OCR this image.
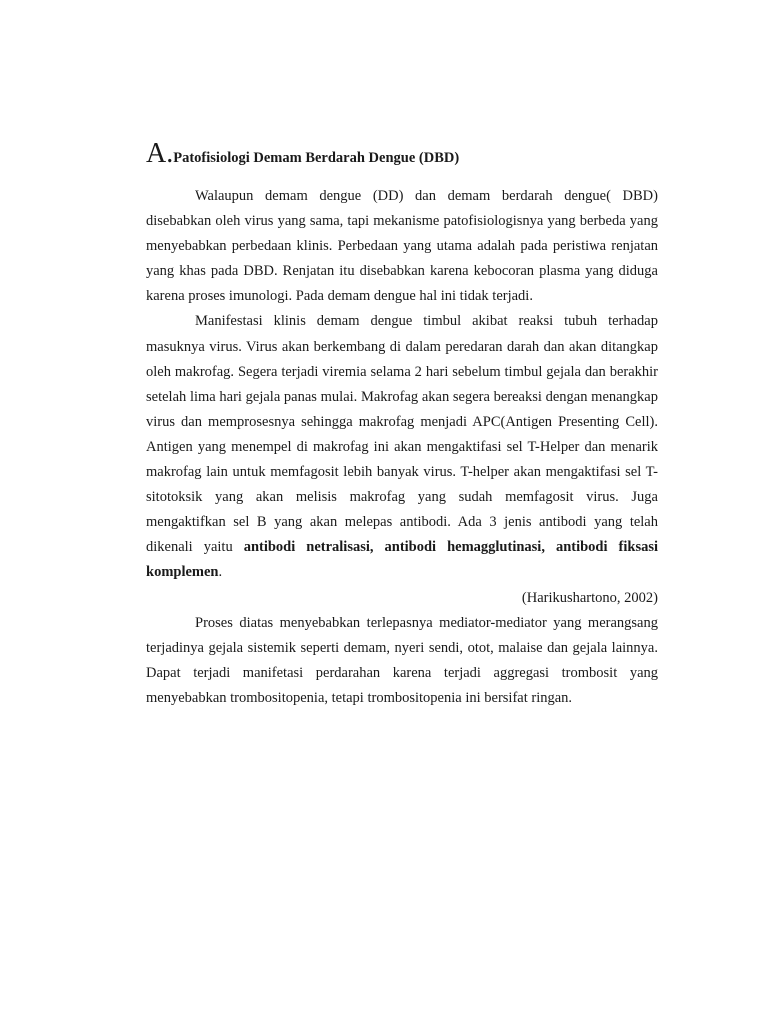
A.Patofisiologi Demam Berdarah Dengue (DBD)

Walaupun demam dengue (DD) dan demam berdarah dengue( DBD) disebabkan oleh virus yang sama, tapi mekanisme patofisiologisnya yang berbeda yang menyebabkan perbedaan klinis. Perbedaan yang utama adalah pada peristiwa renjatan yang khas pada DBD. Renjatan itu disebabkan karena kebocoran plasma yang diduga karena proses imunologi. Pada demam dengue hal ini tidak terjadi.

Manifestasi klinis demam dengue timbul akibat reaksi tubuh terhadap masuknya virus. Virus akan berkembang di dalam peredaran darah dan akan ditangkap oleh makrofag. Segera terjadi viremia selama 2 hari sebelum timbul gejala dan berakhir setelah lima hari gejala panas mulai. Makrofag akan segera bereaksi dengan menangkap virus dan memprosesnya sehingga makrofag menjadi APC(Antigen Presenting Cell). Antigen yang menempel di makrofag ini akan mengaktifasi sel T-Helper dan menarik makrofag lain untuk memfagosit lebih banyak virus. T-helper akan mengaktifasi sel T-sitotoksik yang akan melisis makrofag yang sudah memfagosit virus. Juga mengaktifkan sel B yang akan melepas antibodi. Ada 3 jenis antibodi yang telah dikenali yaitu antibodi netralisasi, antibodi hemagglutinasi, antibodi fiksasi komplemen.

(Harikushartono, 2002)

Proses diatas menyebabkan terlepasnya mediator-mediator yang merangsang terjadinya gejala sistemik seperti demam, nyeri sendi, otot, malaise dan gejala lainnya. Dapat terjadi manifetasi perdarahan karena terjadi aggregasi trombosit yang menyebabkan trombositopenia, tetapi trombositopenia ini bersifat ringan.
